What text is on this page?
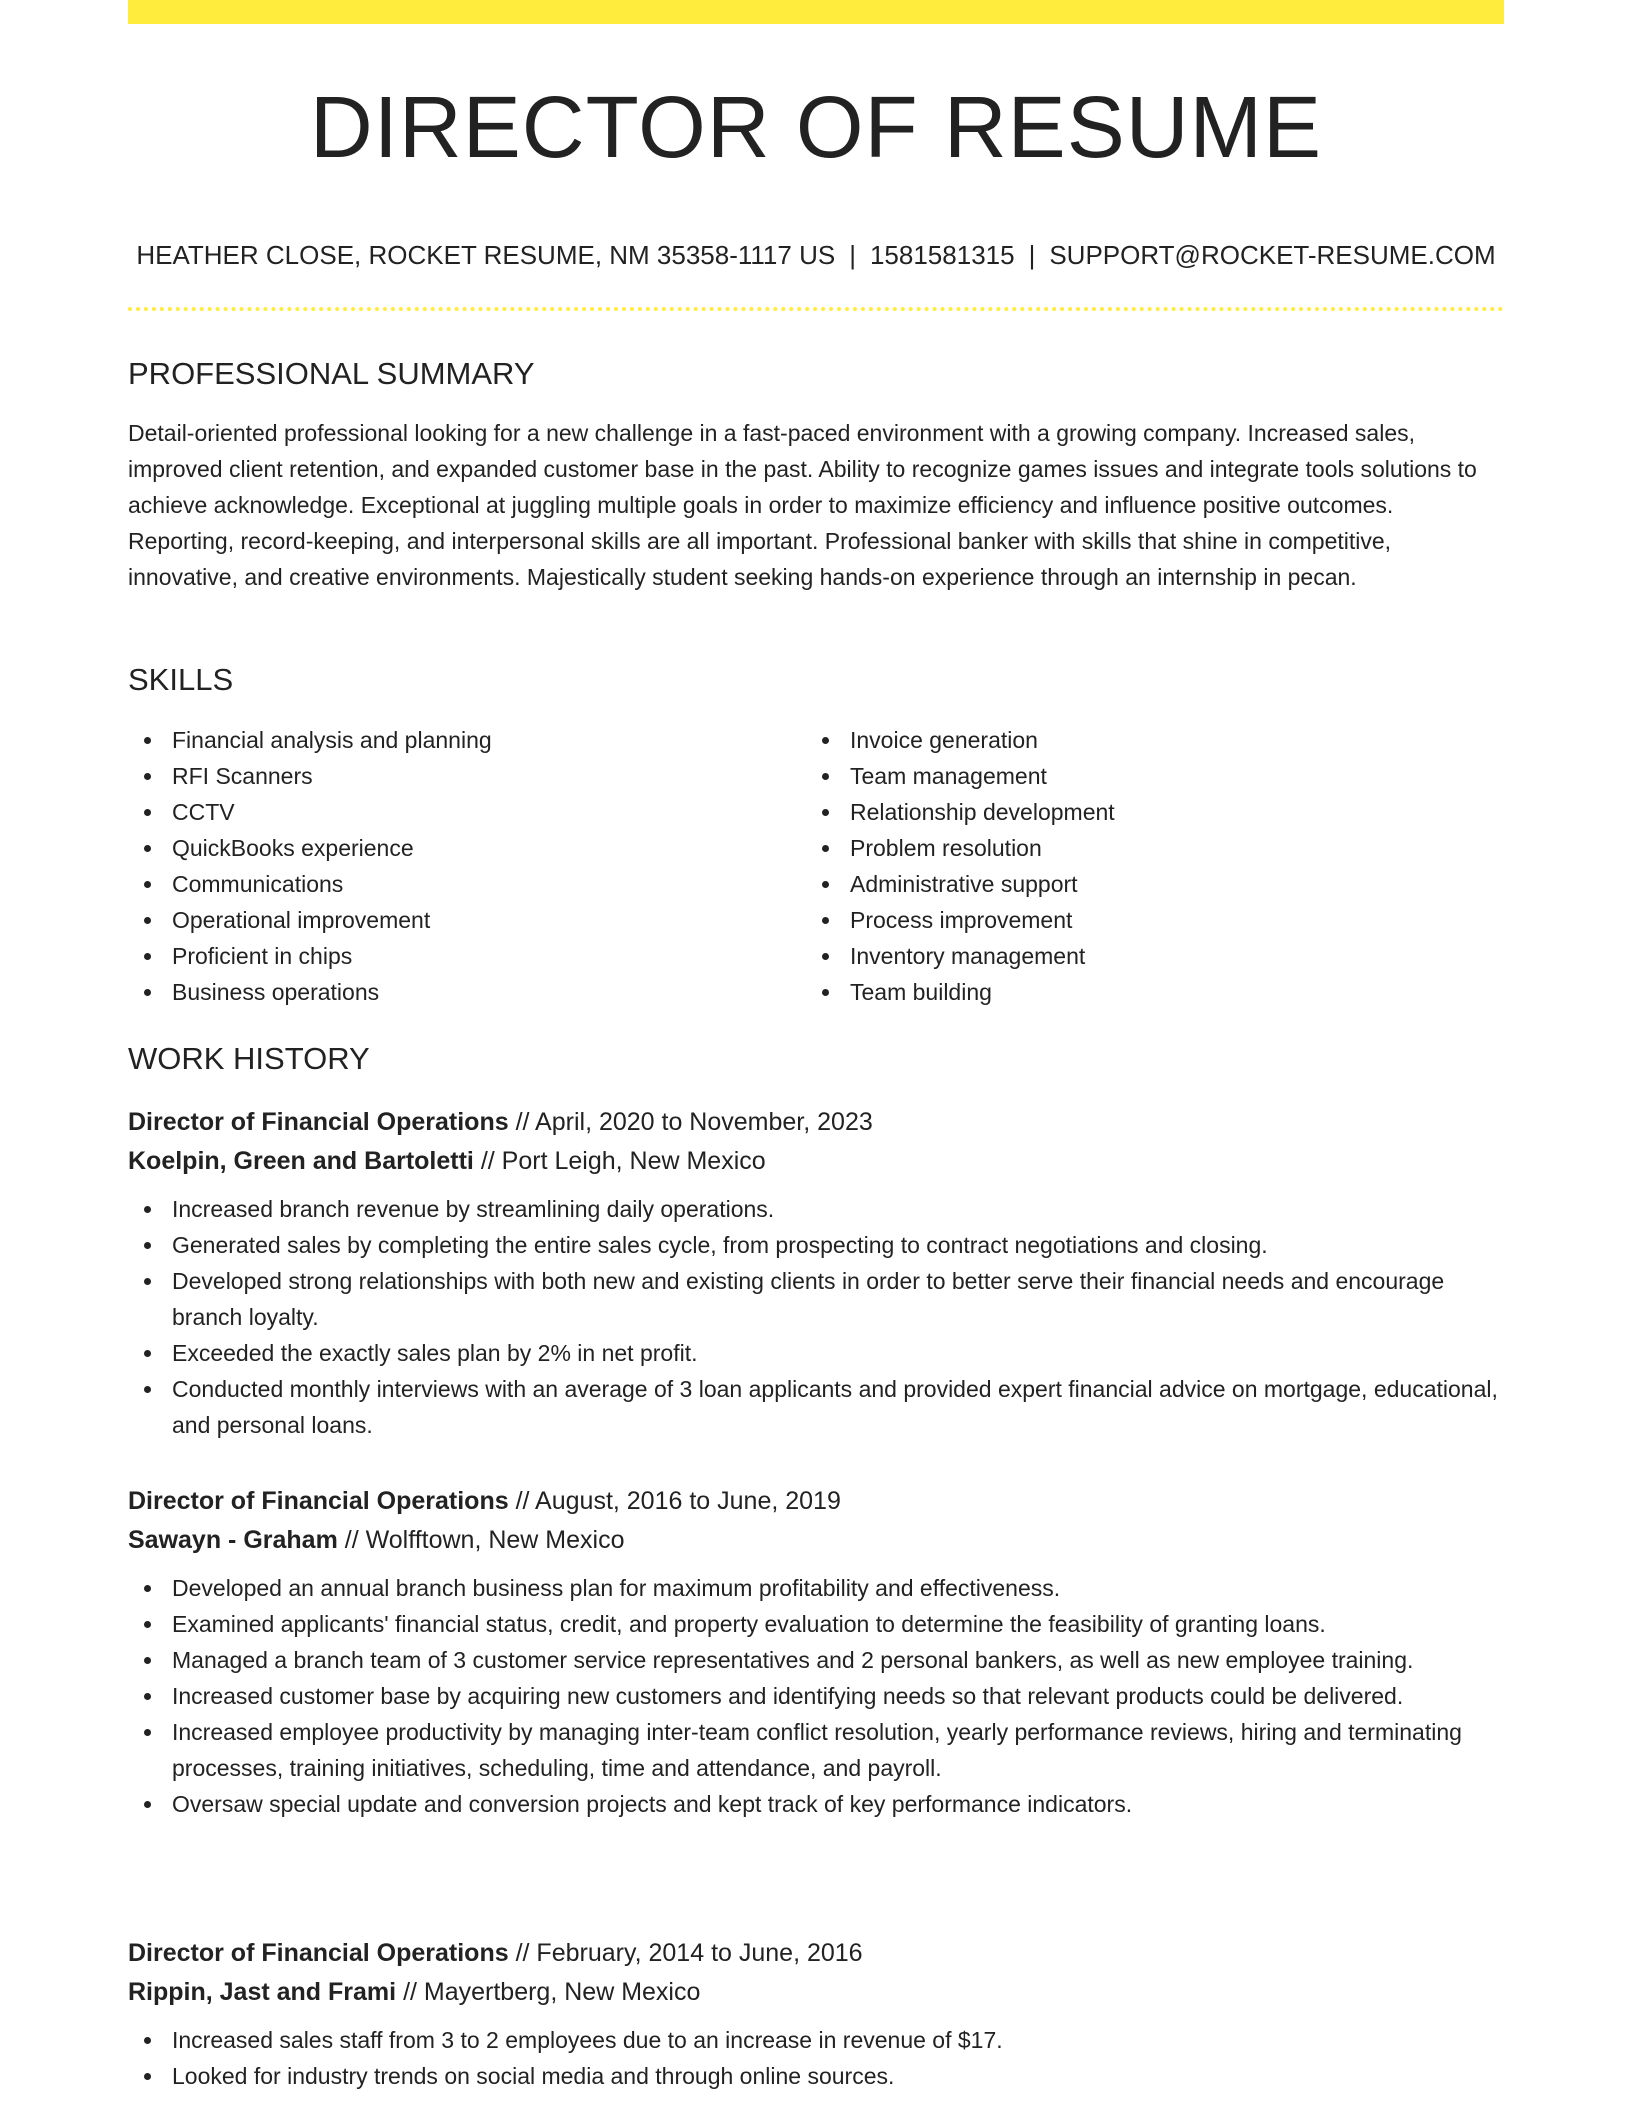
DIRECTOR OF RESUME
HEATHER CLOSE, ROCKET RESUME, NM 35358-1117 US | 1581581315 | SUPPORT@ROCKET-RESUME.COM
PROFESSIONAL SUMMARY

Detail-oriented professional looking for a new challenge in a fast-paced environment with a growing company. Increased sales, improved client retention, and expanded customer base in the past. Ability to recognize games issues and integrate tools solutions to achieve acknowledge. Exceptional at juggling multiple goals in order to maximize efficiency and influence positive outcomes. Reporting, record-keeping, and interpersonal skills are all important. Professional banker with skills that shine in competitive, innovative, and creative environments. Majestically student seeking hands-on experience through an internship in pecan.

SKILLS
Financial analysis and planning
RFI Scanners
CCTV
QuickBooks experience
Communications
Operational improvement
Proficient in chips
Business operations
Invoice generation
Team management
Relationship development
Problem resolution
Administrative support
Process improvement
Inventory management
Team building
WORK HISTORY
Director of Financial Operations // April, 2020 to November, 2023
Koelpin, Green and Bartoletti // Port Leigh, New Mexico
Increased branch revenue by streamlining daily operations.
Generated sales by completing the entire sales cycle, from prospecting to contract negotiations and closing.
Developed strong relationships with both new and existing clients in order to better serve their financial needs and encourage branch loyalty.
Exceeded the exactly sales plan by 2% in net profit.
Conducted monthly interviews with an average of 3 loan applicants and provided expert financial advice on mortgage, educational, and personal loans.
Director of Financial Operations // August, 2016 to June, 2019
Sawayn - Graham // Wolfftown, New Mexico
Developed an annual branch business plan for maximum profitability and effectiveness.
Examined applicants' financial status, credit, and property evaluation to determine the feasibility of granting loans.
Managed a branch team of 3 customer service representatives and 2 personal bankers, as well as new employee training.
Increased customer base by acquiring new customers and identifying needs so that relevant products could be delivered.
Increased employee productivity by managing inter-team conflict resolution, yearly performance reviews, hiring and terminating processes, training initiatives, scheduling, time and attendance, and payroll.
Oversaw special update and conversion projects and kept track of key performance indicators.
Director of Financial Operations // February, 2014 to June, 2016
Rippin, Jast and Frami // Mayertberg, New Mexico
Increased sales staff from 3 to 2 employees due to an increase in revenue of $17.
Looked for industry trends on social media and through online sources.
